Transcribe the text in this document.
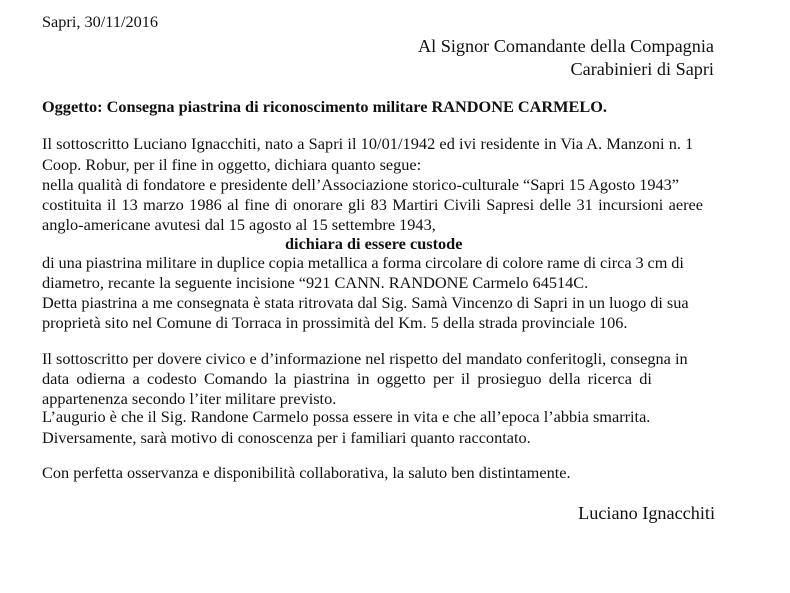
Sapri, 30/11/2016
Al Signor Comandante della Compagnia
Carabinieri di Sapri
Oggetto: Consegna piastrina di riconoscimento militare RANDONE CARMELO.
Il sottoscritto Luciano Ignacchiti, nato a Sapri il 10/01/1942 ed ivi residente in Via A. Manzoni n. 1
Coop. Robur, per il fine in oggetto, dichiara quanto segue:
nella qualità di fondatore e presidente dell’Associazione storico-culturale “Sapri 15 Agosto 1943”
costituita il 13 marzo 1986 al fine di onorare gli 83 Martiri Civili Sapresi delle 31 incursioni aeree
anglo-americane avutesi dal 15 agosto al 15 settembre 1943,
dichiara di essere custode
di una piastrina militare in duplice copia metallica a forma circolare di colore rame di circa 3 cm di
diametro, recante la seguente incisione “921 CANN. RANDONE Carmelo 64514C.
Detta piastrina a me consegnata è stata ritrovata dal Sig. Samà Vincenzo di Sapri in un luogo di sua
proprietà sito nel Comune di Torraca in prossimità del Km. 5 della strada provinciale 106.
Il sottoscritto per dovere civico e d’informazione nel rispetto del mandato conferitogli, consegna in
data odierna a codesto Comando la piastrina in oggetto per il prosieguo della ricerca di
appartenenza secondo l’iter militare previsto.
L’augurio è che il Sig. Randone Carmelo possa essere in vita e che all’epoca l’abbia smarrita.
Diversamente, sarà motivo di conoscenza per i familiari quanto raccontato.
Con perfetta osservanza e disponibilità collaborativa, la saluto ben distintamente.
Luciano Ignacchiti
